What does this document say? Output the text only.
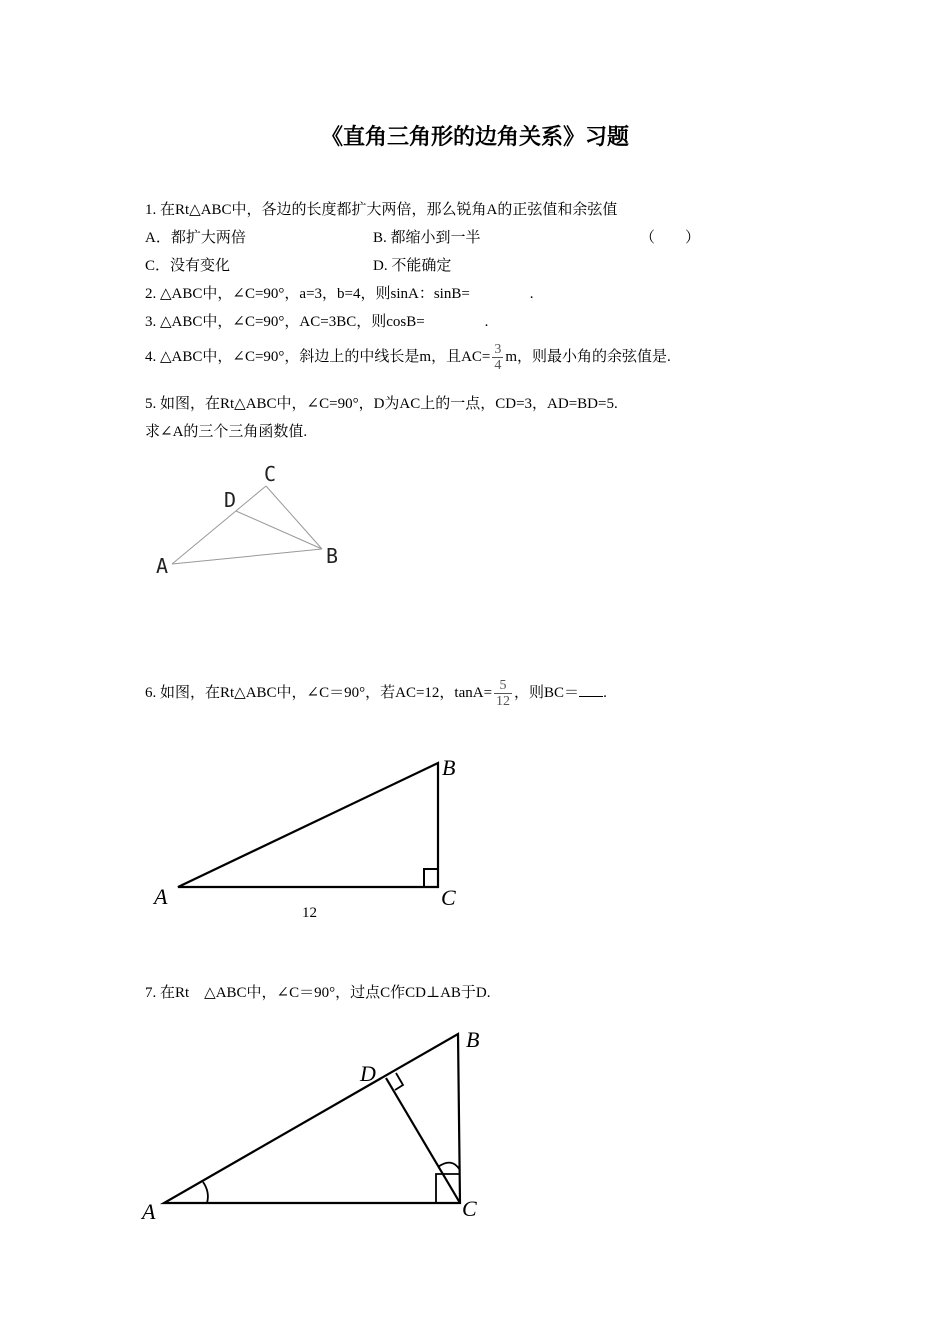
《直角三角形的边角关系》习题
1. 在Rt△ABC中，各边的长度都扩大两倍，那么锐角A的正弦值和余弦值
A．都扩大两倍	B. 都缩小到一半	（　　）
C．没有变化	D. 不能确定
2. △ABC中，∠C=90°，a=3，b=4，则sinA：sinB=　　　　.
3. △ABC中，∠C=90°，AC=3BC，则cosB=　　　　.
4. △ABC中，∠C=90°，斜边上的中线长是m，且$AC= \frac{3}{4}$ m，则最小角的余弦值是.
5. 如图，在Rt△ABC中，∠C=90°，D为AC上的一点，CD=3，AD=BD=5.
求∠A的三个三角函数值.
6. 如图，在Rt△ABC中，∠C＝90°，若AC=12，$\tan A= \frac{5}{12}$ ，则BC＝ .
7. 在Rt　△ABC中，∠C＝90°，过点C作CD⊥AB于D.
C
D
A	B
A
B
C
12
A
B
C
D
